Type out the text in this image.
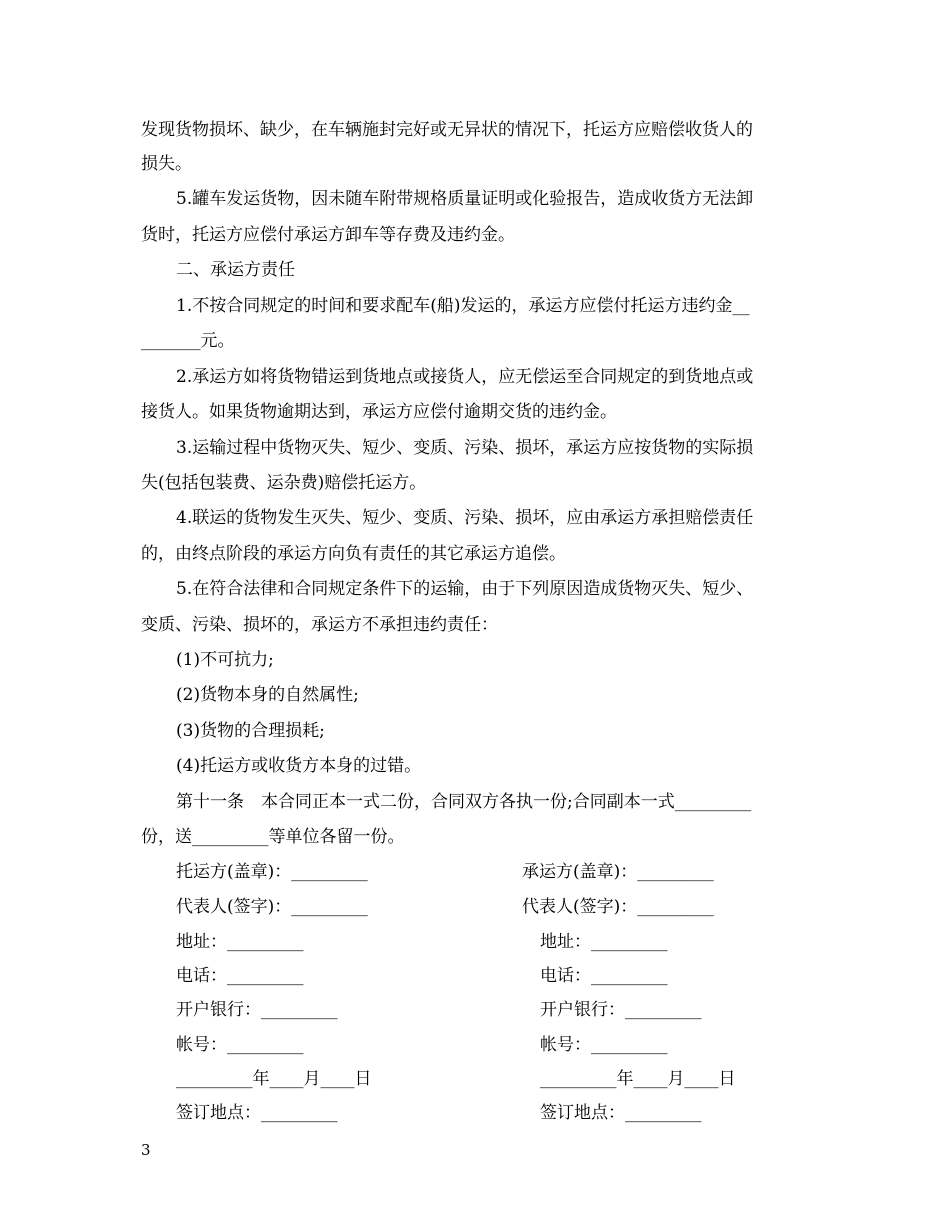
发现货物损坏、缺少，在车辆施封完好或无异状的情况下，托运方应赔偿收货人的
损失。
5.罐车发运货物，因未随车附带规格质量证明或化验报告，造成收货方无法卸
货时，托运方应偿付承运方卸车等存费及违约金。
二、承运方责任
1.不按合同规定的时间和要求配车(船)发运的，承运方应偿付托运方违约金__
_______元。
2.承运方如将货物错运到货地点或接货人，应无偿运至合同规定的到货地点或
接货人。如果货物逾期达到，承运方应偿付逾期交货的违约金。
3.运输过程中货物灭失、短少、变质、污染、损坏，承运方应按货物的实际损
失(包括包装费、运杂费)赔偿托运方。
4.联运的货物发生灭失、短少、变质、污染、损坏，应由承运方承担赔偿责任
的，由终点阶段的承运方向负有责任的其它承运方追偿。
5.在符合法律和合同规定条件下的运输，由于下列原因造成货物灭失、短少、
变质、污染、损坏的，承运方不承担违约责任：
(1)不可抗力;
(2)货物本身的自然属性;
(3)货物的合理损耗;
(4)托运方或收货方本身的过错。
第十一条　本合同正本一式二份，合同双方各执一份;合同副本一式_________
份，送_________等单位各留一份。
托运方(盖章)：_________
代表人(签字)：_________
地址：_________
电话：_________
开户银行：_________
帐号：_________
_________年____月____日
签订地点：_________
承运方(盖章)：_________
代表人(签字)：_________
地址：_________
电话：_________
开户银行：_________
帐号：_________
_________年____月____日
签订地点：_________
3
